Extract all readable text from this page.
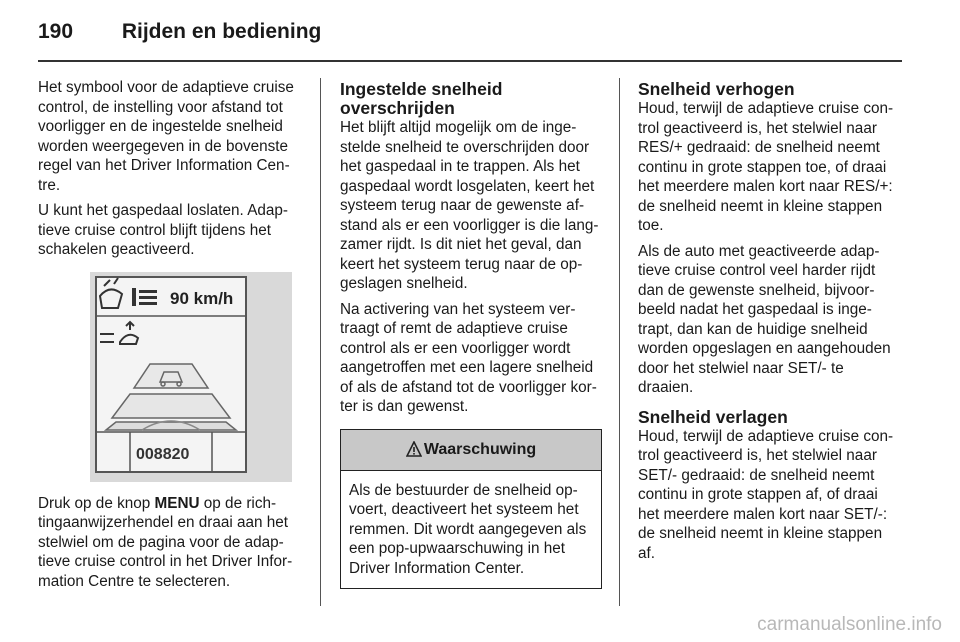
190 Rijden en bediening

Het symbool voor de adaptieve cruise control, de instelling voor afstand tot voorligger en de ingestelde snelheid worden weergegeven in de bovenste regel van het Driver Information Cen-tre.

U kunt het gaspedaal loslaten. Adap-tieve cruise control blijft tijdens het schakelen geactiveerd.

90 km/h
008820

Druk op de knop MENU op de rich-tingaanwijzerhendel en draai aan het stelwiel om de pagina voor de adap-tieve cruise control in het Driver Infor-mation Centre te selecteren.

Ingestelde snelheid overschrijden

Het blijft altijd mogelijk om de inge-stelde snelheid te overschrijden door het gaspedaal in te trappen. Als het gaspedaal wordt losgelaten, keert het systeem terug naar de gewenste af-stand als er een voorligger is die lang-zamer rijdt. Is dit niet het geval, dan keert het systeem terug naar de op-geslagen snelheid.

Na activering van het systeem ver-traagt of remt de adaptieve cruise control als er een voorligger wordt aangetroffen met een lagere snelheid of als de afstand tot de voorligger kor-ter is dan gewenst.

Waarschuwing

Als de bestuurder de snelheid op-voert, deactiveert het systeem het remmen. Dit wordt aangegeven als een pop-upwaarschuwing in het Driver Information Center.

Snelheid verhogen

Houd, terwijl de adaptieve cruise con-trol geactiveerd is, het stelwiel naar RES/+ gedraaid: de snelheid neemt continu in grote stappen toe, of draai het meerdere malen kort naar RES/+: de snelheid neemt in kleine stappen toe.

Als de auto met geactiveerde adap-tieve cruise control veel harder rijdt dan de gewenste snelheid, bijvoor-beeld nadat het gaspedaal is inge-trapt, dan kan de huidige snelheid worden opgeslagen en aangehouden door het stelwiel naar SET/- te draaien.

Snelheid verlagen

Houd, terwijl de adaptieve cruise con-trol geactiveerd is, het stelwiel naar SET/- gedraaid: de snelheid neemt continu in grote stappen af, of draai het meerdere malen kort naar SET/-: de snelheid neemt in kleine stappen af.

carmanualsonline.info
